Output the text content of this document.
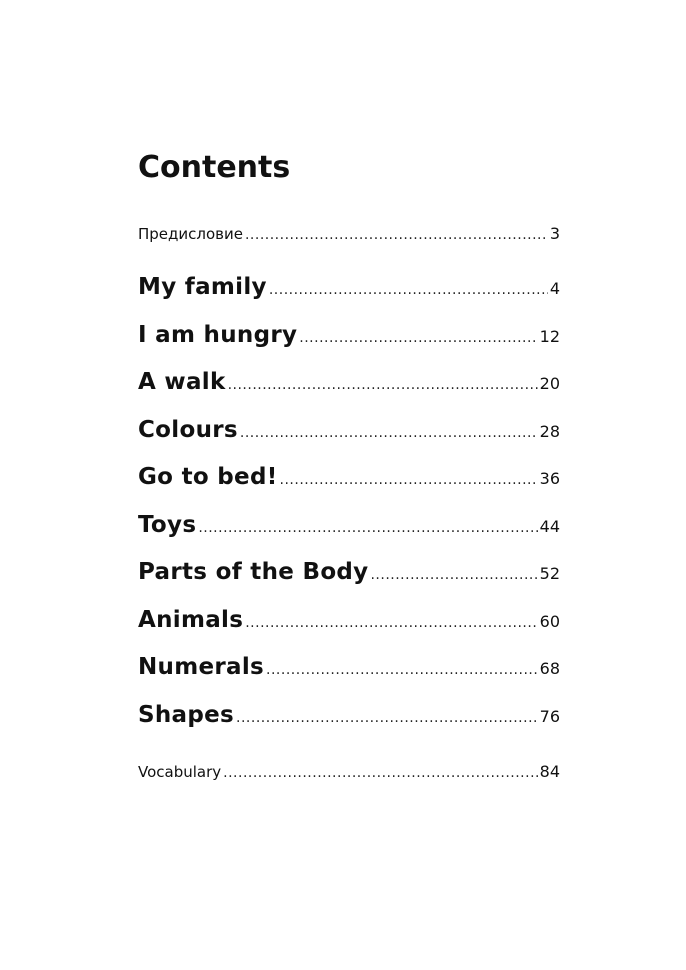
Contents
Предисловие .....	3
My family .....	4
I am hungry .....	12
A walk .....	20
Colours .....	28
Go to bed! .....	36
Toys .....	44
Parts of the Body .....	52
Animals .....	60
Numerals .....	68
Shapes .....	76
Vocabulary .....	84
